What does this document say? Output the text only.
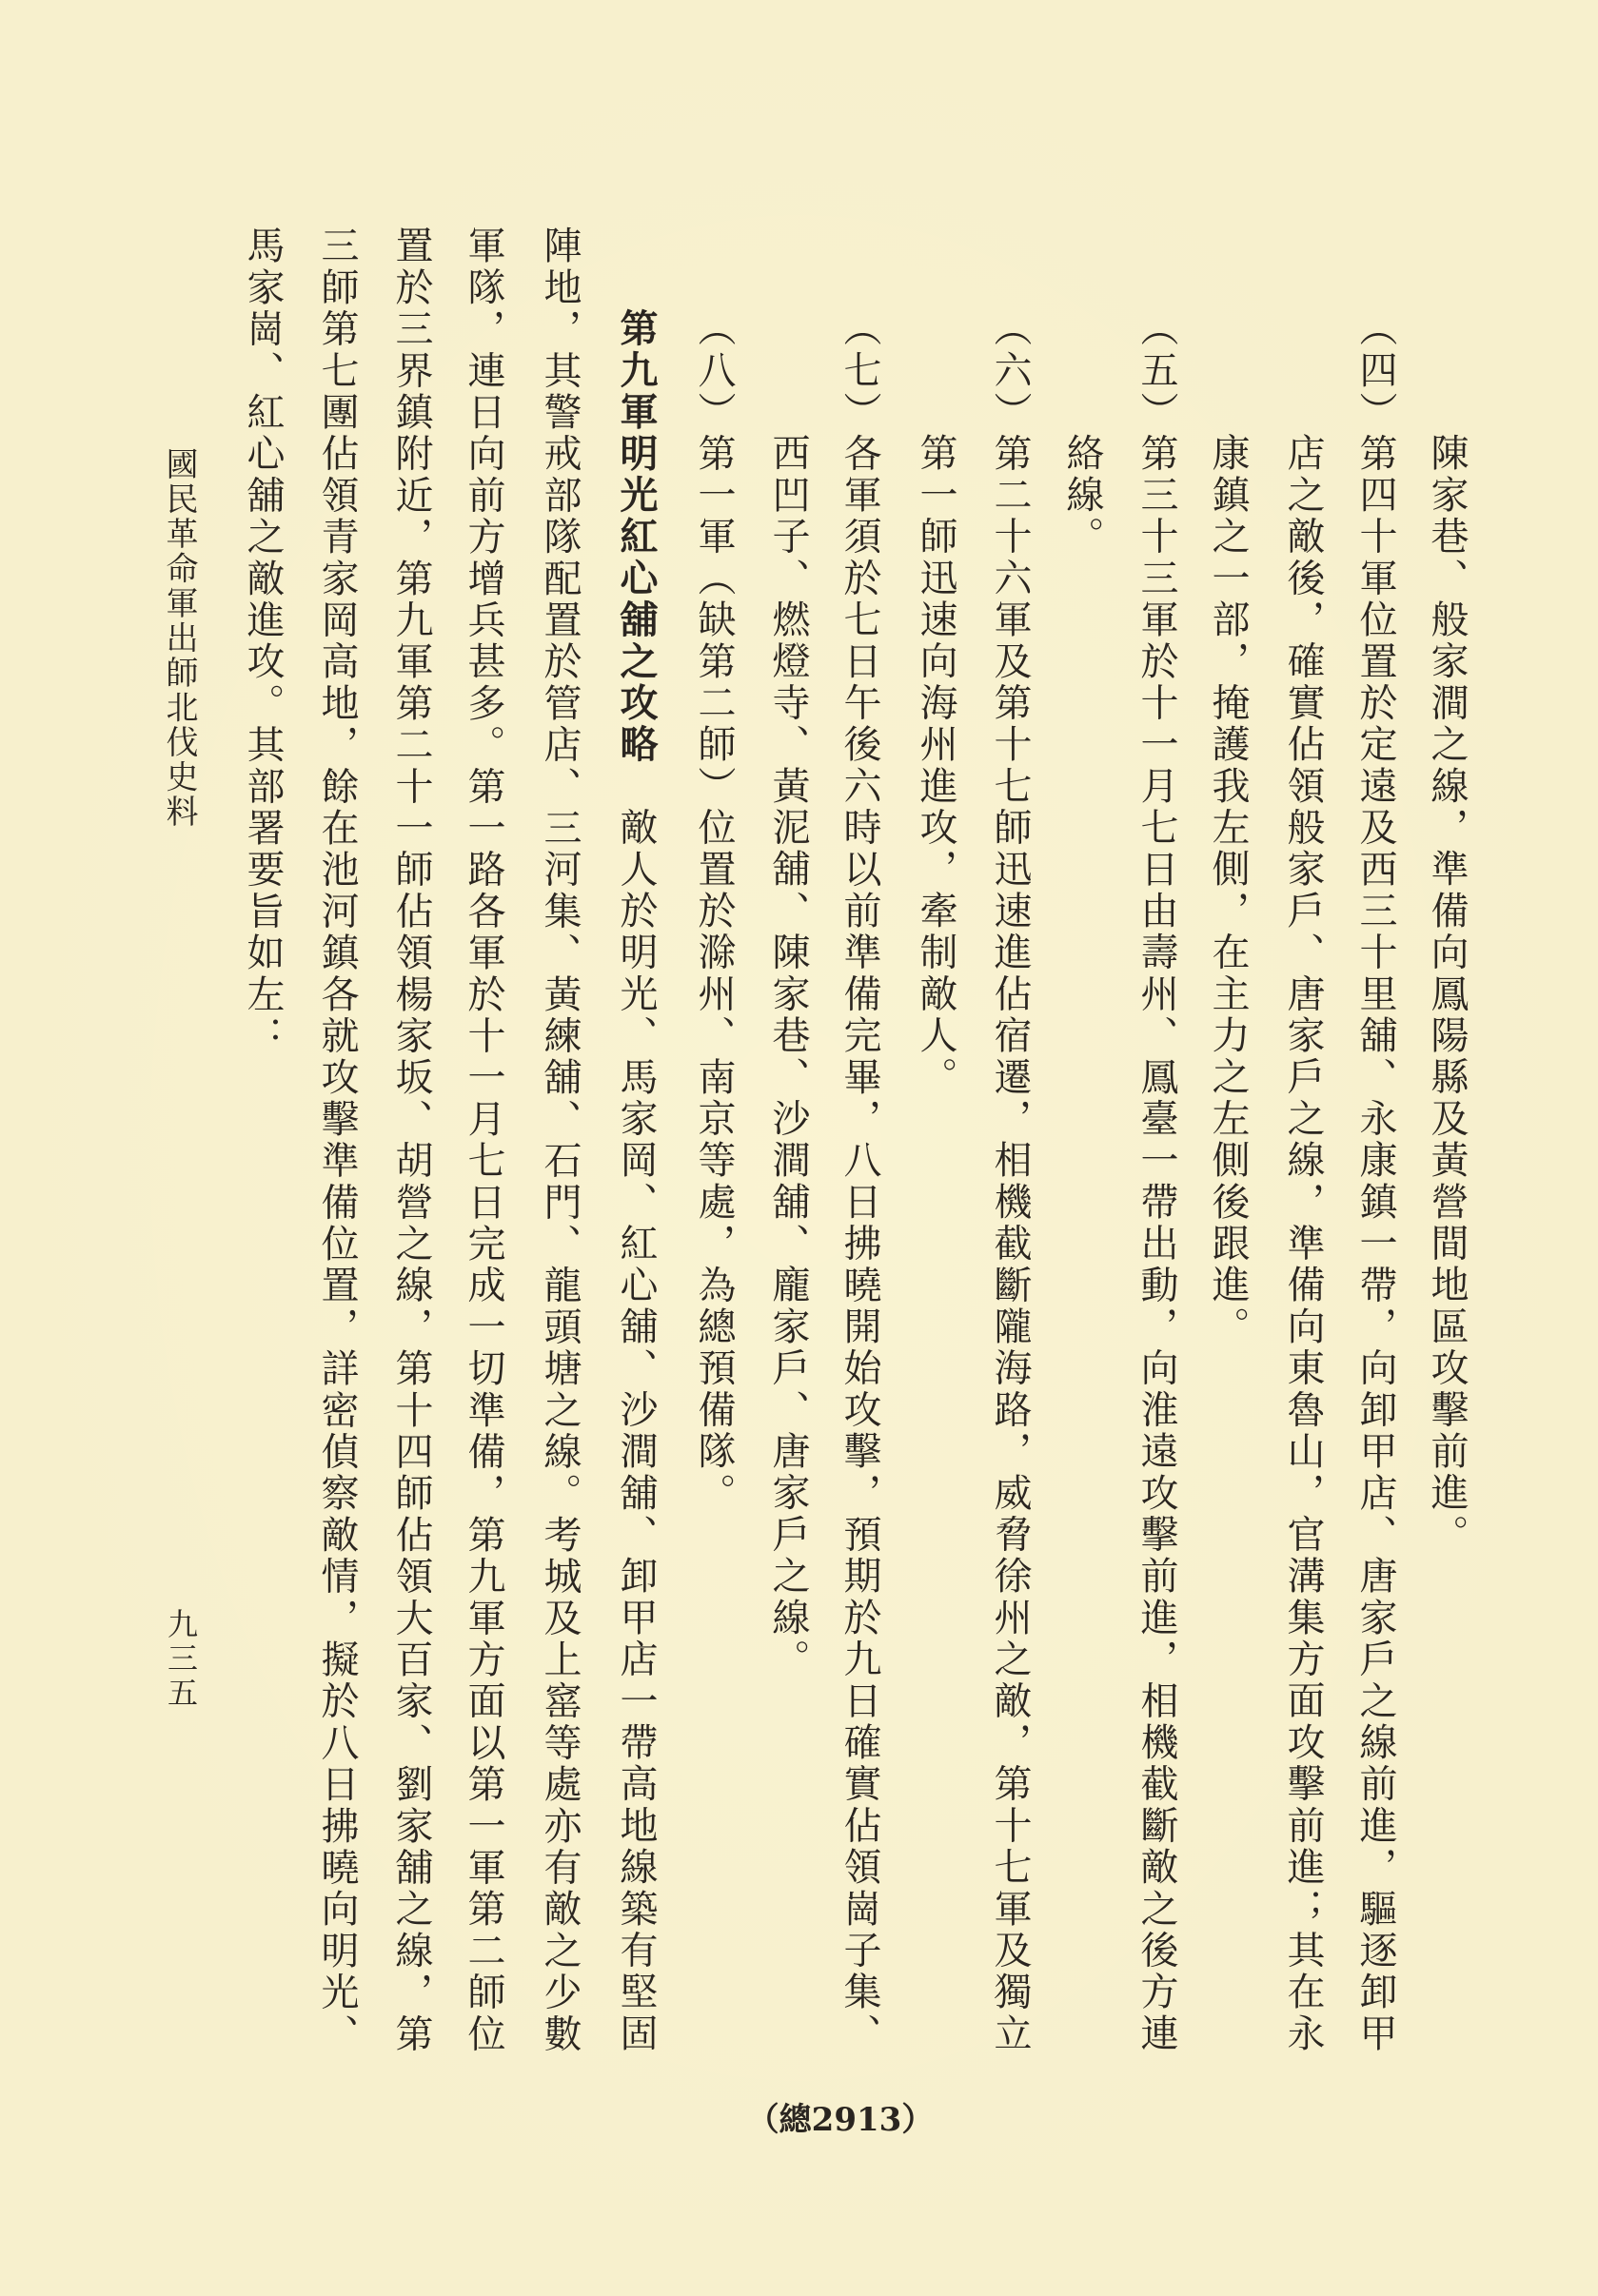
陳家巷、般家澗之線，準備向鳳陽縣及黃營間地區攻擊前進。
（四）第四十軍位置於定遠及西三十里舖、永康鎮一帶，向卸甲店、唐家戶之線前進，驅逐卸甲
店之敵後，確實佔領般家戶、唐家戶之線，準備向東魯山，官溝集方面攻擊前進；其在永
康鎮之一部，掩護我左側，在主力之左側後跟進。
（五）第三十三軍於十一月七日由壽州、鳳臺一帶出動，向淮遠攻擊前進，相機截斷敵之後方連
絡線。
（六）第二十六軍及第十七師迅速進佔宿遷，相機截斷隴海路，威脅徐州之敵，第十七軍及獨立
第一師迅速向海州進攻，牽制敵人。
（七）各軍須於七日午後六時以前準備完畢，八日拂曉開始攻擊，預期於九日確實佔領崗子集、
西凹子、燃燈寺、黃泥舖、陳家巷、沙澗舖、龐家戶、唐家戶之線。
（八）第一軍（缺第二師）位置於滁州、南京等處，為總預備隊。
第九軍明光紅心舖之攻略敵人於明光、馬家岡、紅心舖、沙澗舖、卸甲店一帶高地線築有堅固
陣地，其警戒部隊配置於管店、三河集、黃練舖、石門、龍頭塘之線。考城及上窰等處亦有敵之少數
軍隊，連日向前方增兵甚多。第一路各軍於十一月七日完成一切準備，第九軍方面以第一軍第二師位
置於三界鎮附近，第九軍第二十一師佔領楊家坂、胡營之線，第十四師佔領大百家、劉家舖之線，第
三師第七團佔領青家岡高地，餘在池河鎮各就攻擊準備位置，詳密偵察敵情，擬於八日拂曉向明光、
馬家崗、紅心舖之敵進攻。其部署要旨如左：
國民革命軍出師北伐史料
九三五
（總2913）
